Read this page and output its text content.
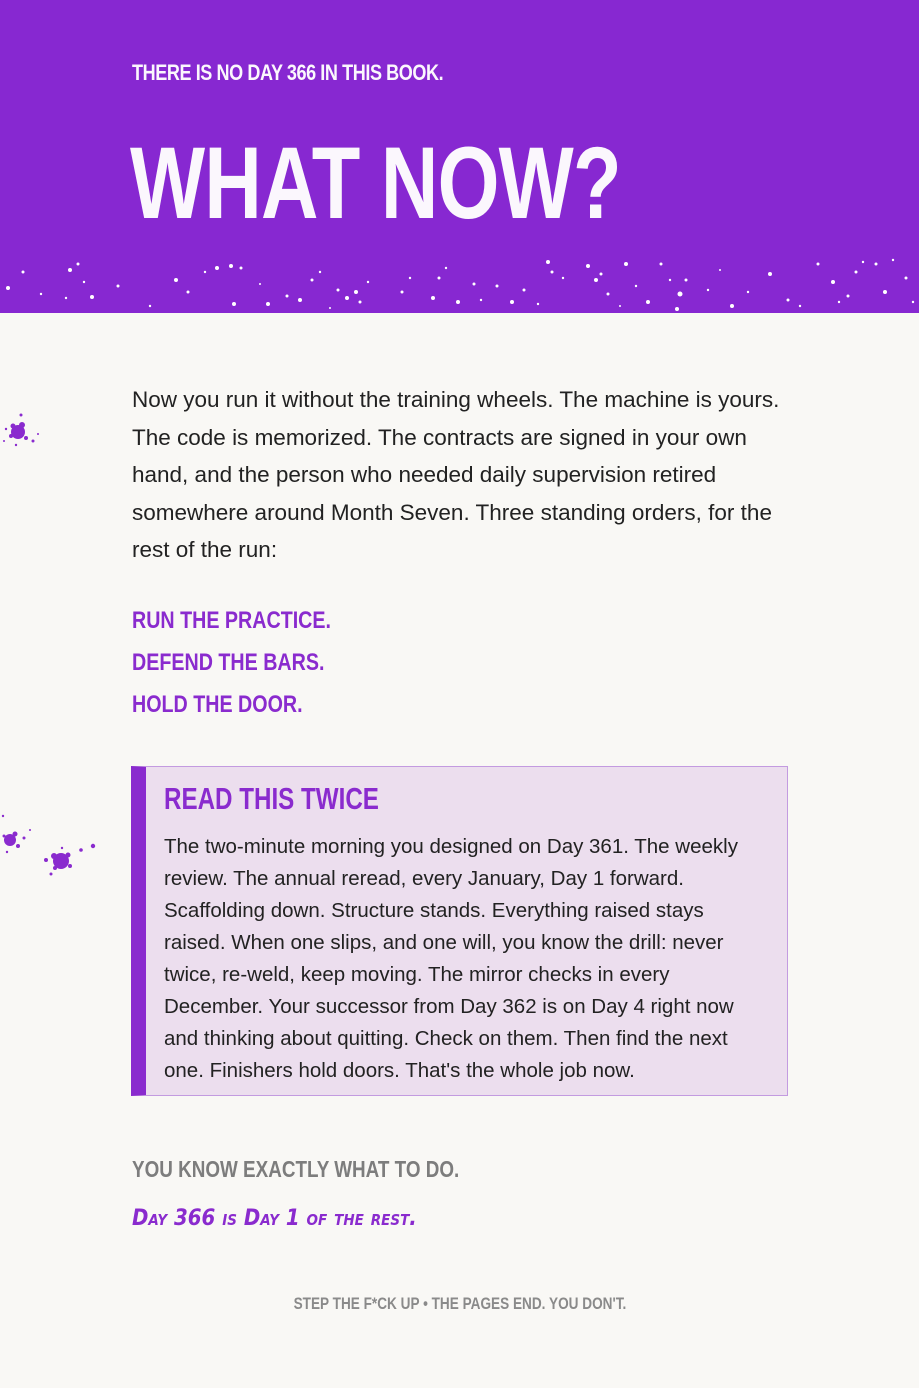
THERE IS NO DAY 366 IN THIS BOOK.
WHAT NOW?

Now you run it without the training wheels. The machine is yours. The code is memorized. The contracts are signed in your own hand, and the person who needed daily supervision retired somewhere around Month Seven. Three standing orders, for the rest of the run:

RUN THE PRACTICE.
DEFEND THE BARS.
HOLD THE DOOR.
READ THIS TWICE

The two-minute morning you designed on Day 361. The weekly review. The annual reread, every January, Day 1 forward. Scaffolding down. Structure stands. Everything raised stays raised. When one slips, and one will, you know the drill: never twice, re-weld, keep moving. The mirror checks in every December. Your successor from Day 362 is on Day 4 right now and thinking about quitting. Check on them. Then find the next one. Finishers hold doors. That's the whole job now.

YOU KNOW EXACTLY WHAT TO DO.
Day 366 is Day 1 of the rest.
STEP THE F*CK UP • THE PAGES END. YOU DON'T.
